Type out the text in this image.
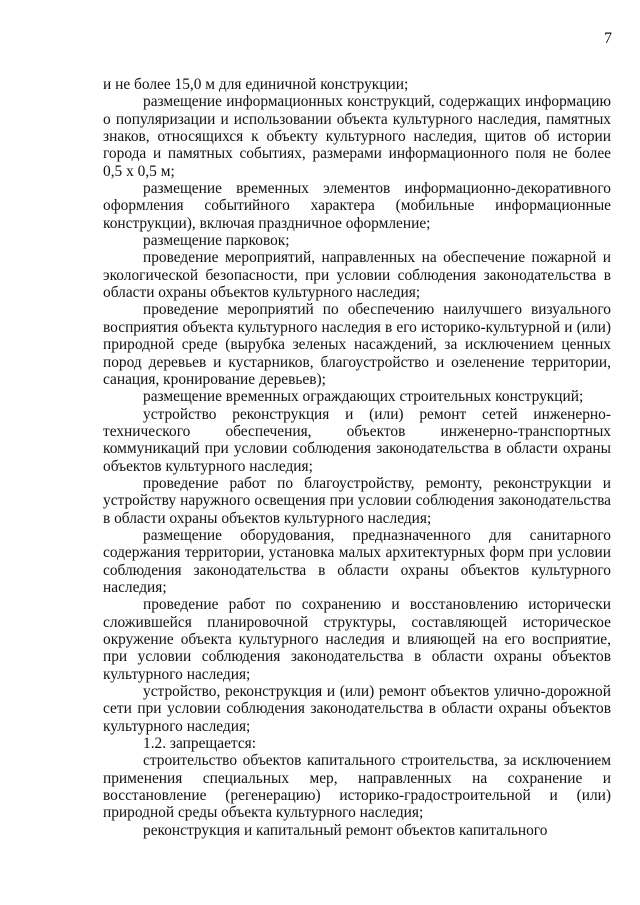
7

и не более 15,0 м для единичной конструкции;

размещение информационных конструкций, содержащих информацию о популяризации и использовании объекта культурного наследия, памятных знаков, относящихся к объекту культурного наследия, щитов об истории города и памятных событиях, размерами информационного поля не более 0,5 х 0,5 м;

размещение временных элементов информационно-декоративного оформления событийного характера (мобильные информационные конструкции), включая праздничное оформление;

размещение парковок;

проведение мероприятий, направленных на обеспечение пожарной и экологической безопасности, при условии соблюдения законодательства в области охраны объектов культурного наследия;

проведение мероприятий по обеспечению наилучшего визуального восприятия объекта культурного наследия в его историко-культурной и (или) природной среде (вырубка зеленых насаждений, за исключением ценных пород деревьев и кустарников, благоустройство и озеленение территории, санация, кронирование деревьев);

размещение временных ограждающих строительных конструкций;

устройство реконструкция и (или) ремонт сетей инженерно-технического обеспечения, объектов инженерно-транспортных коммуникаций при условии соблюдения законодательства в области охраны объектов культурного наследия;

проведение работ по благоустройству, ремонту, реконструкции и устройству наружного освещения при условии соблюдения законодательства в области охраны объектов культурного наследия;

размещение оборудования, предназначенного для санитарного содержания территории, установка малых архитектурных форм при условии соблюдения законодательства в области охраны объектов культурного наследия;

проведение работ по сохранению и восстановлению исторически сложившейся планировочной структуры, составляющей историческое окружение объекта культурного наследия и влияющей на его восприятие, при условии соблюдения законодательства в области охраны объектов культурного наследия;

устройство, реконструкция и (или) ремонт объектов улично-дорожной сети при условии соблюдения законодательства в области охраны объектов культурного наследия;

1.2. запрещается:

строительство объектов капитального строительства, за исключением применения специальных мер, направленных на сохранение и восстановление (регенерацию) историко-градостроительной и (или) природной среды объекта культурного наследия;

реконструкция и капитальный ремонт объектов капитального
